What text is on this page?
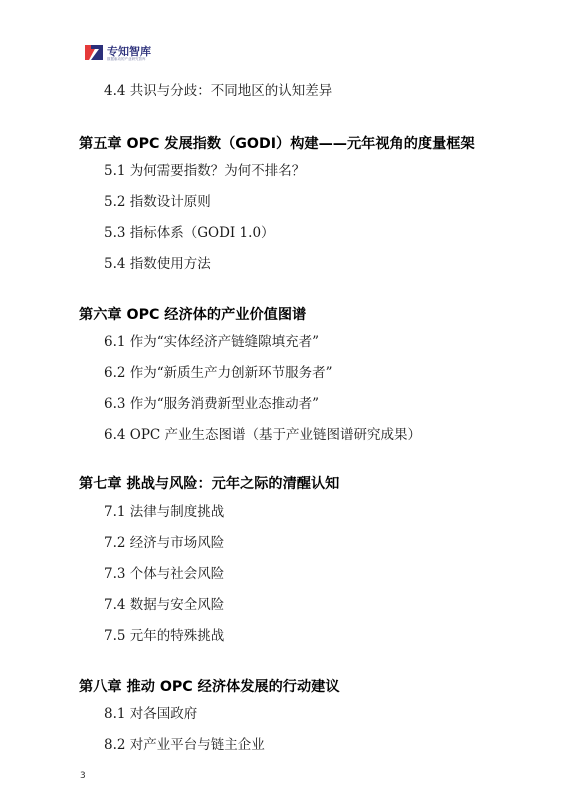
专知智库
数据驱动的产业研究智库
4.4 共识与分歧：不同地区的认知差异
第五章 OPC 发展指数（GODI）构建——元年视角的度量框架
5.1 为何需要指数？为何不排名？
5.2 指数设计原则
5.3 指标体系（GODI 1.0）
5.4 指数使用方法
第六章 OPC 经济体的产业价值图谱
6.1 作为“实体经济产链缝隙填充者”
6.2 作为“新质生产力创新环节服务者”
6.3 作为“服务消费新型业态推动者”
6.4 OPC 产业生态图谱（基于产业链图谱研究成果）
第七章 挑战与风险：元年之际的清醒认知
7.1 法律与制度挑战
7.2 经济与市场风险
7.3 个体与社会风险
7.4 数据与安全风险
7.5 元年的特殊挑战
第八章 推动 OPC 经济体发展的行动建议
8.1 对各国政府
8.2 对产业平台与链主企业
3
